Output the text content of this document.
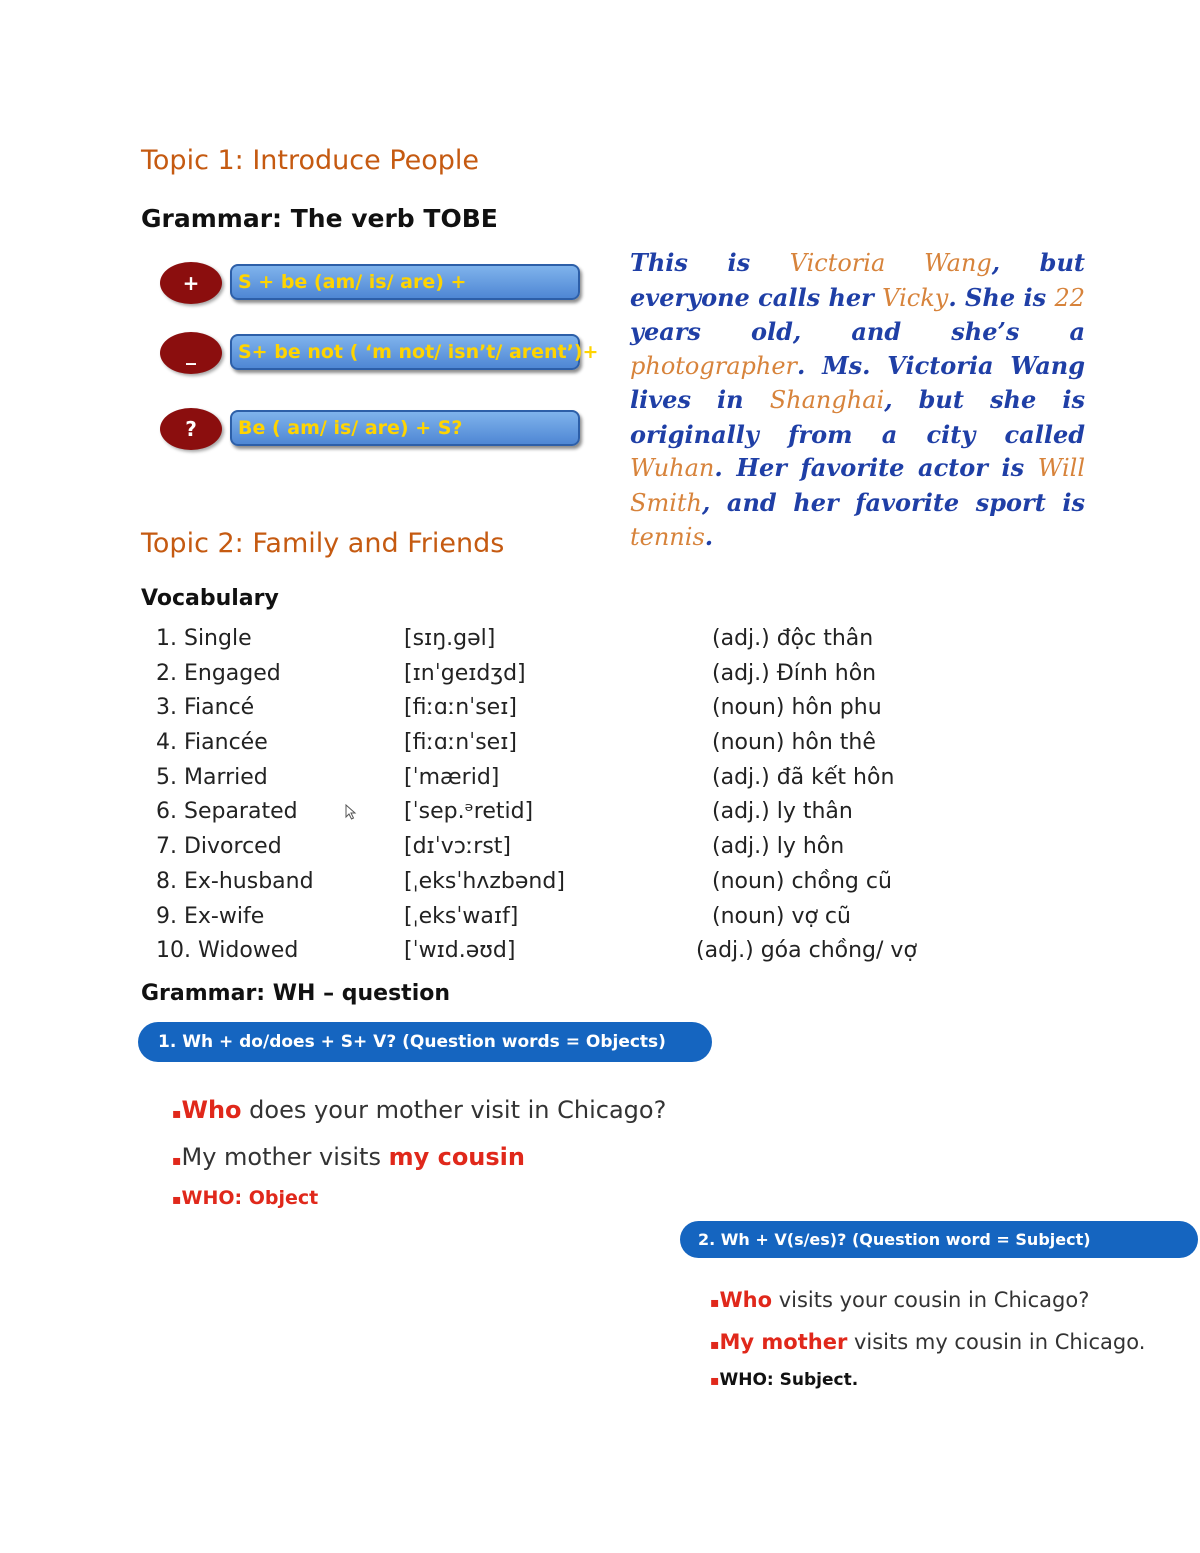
Topic 1: Introduce People
Grammar: The verb TOBE
+	S + be (am/ is/ are) +
_	S+ be not ( ‘m not/ isn’t/ arent’)+
?	Be ( am/ is/ are) + S?

This is Victoria Wang, but everyone calls her Vicky. She is 22 years old, and she’s a photographer. Ms. Victoria Wang lives in Shanghai, but she is originally from a city called Wuhan. Her favorite actor is Will Smith, and her favorite sport is tennis.

Topic 2: Family and Friends
Vocabulary
1. Single	[sɪŋ.gəl]	(adj.) độc thân
2. Engaged	[ɪnˈgeɪdʒd]	(adj.) Đính hôn
3. Fiancé	[fiːɑːnˈseɪ]	(noun) hôn phu
4. Fiancée	[fiːɑːnˈseɪ]	(noun) hôn thê
5. Married	[ˈmærid]	(adj.) đã kết hôn
6. Separated	[ˈsep.ᵊretid]	(adj.) ly thân
7. Divorced	[dɪˈvɔːrst]	(adj.) ly hôn
8. Ex-husband	[ˌeksˈhʌzbənd]	(noun) chồng cũ
9. Ex-wife	[ˌeksˈwaɪf]	(noun) vợ cũ
10. Widowed	[ˈwɪd.əʊd]	(adj.) góa chồng/ vợ
Grammar: WH – question
1. Wh + do/does + S+ V? (Question words = Objects)
▪Who does your mother visit in Chicago?
▪My mother visits my cousin
▪WHO: Object
2. Wh + V(s/es)? (Question word = Subject)
▪Who visits your cousin in Chicago?
▪My mother visits my cousin in Chicago.
▪WHO: Subject.
